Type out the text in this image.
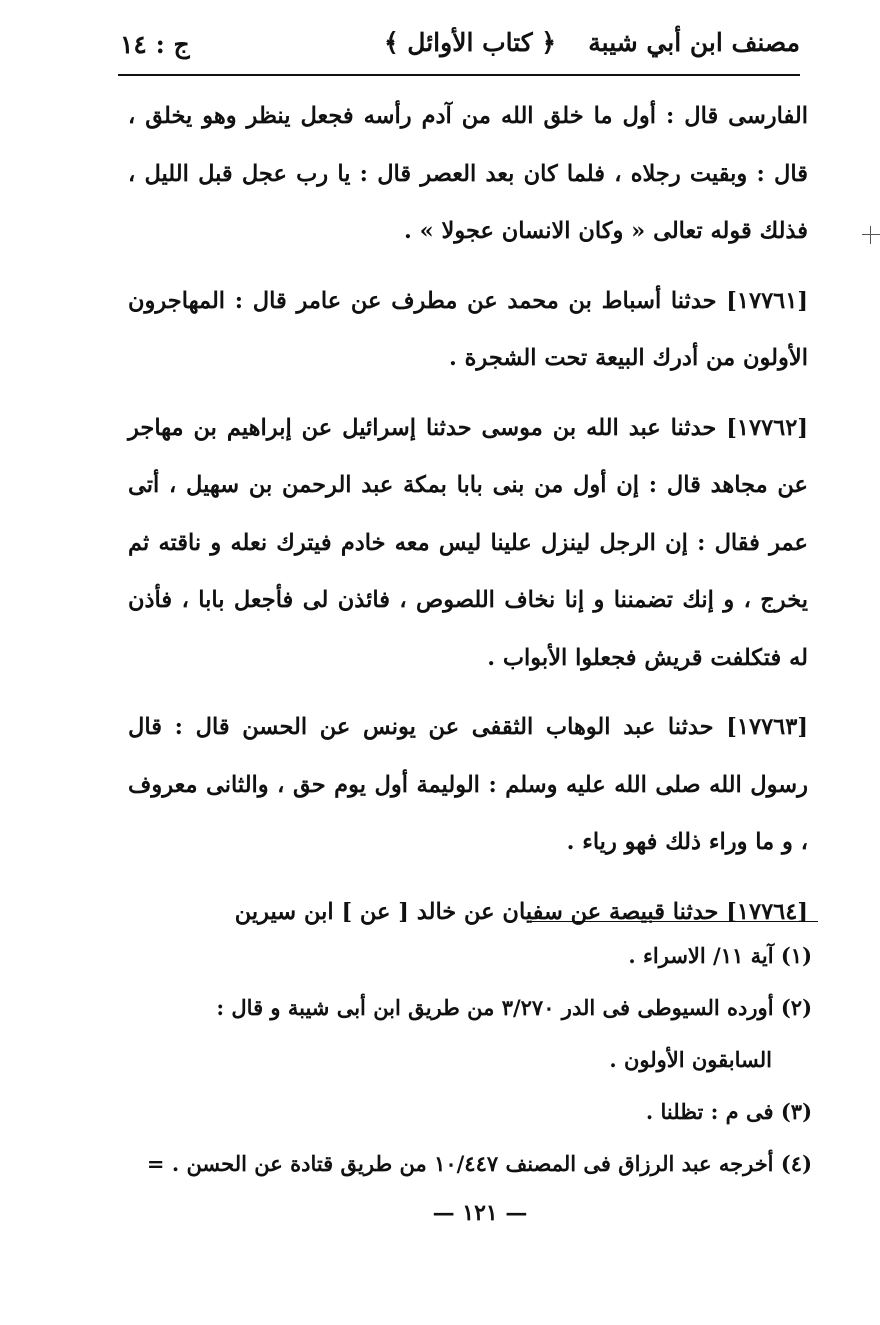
مصنف ابن أبي شيبة
﴿ كتاب الأوائل ﴾
ج : ١٤

الفارسى قال : أول ما خلق الله من آدم رأسه فجعل ينظر وهو يخلق ، قال : وبقيت رجلاه ، فلما كان بعد العصر قال : يا رب عجل قبل الليل ، فذلك قوله تعالى « وكان الانسان عجولا » .

[١٧٧٦١] حدثنا أسباط بن محمد عن مطرف عن عامر قال : المهاجرون الأولون من أدرك البيعة تحت الشجرة .

[١٧٧٦٢] حدثنا عبد الله بن موسى حدثنا إسرائيل عن إبراهيم بن مهاجر عن مجاهد قال : إن أول من بنى بابا بمكة عبد الرحمن بن سهيل ، أتى عمر فقال : إن الرجل لينزل علينا ليس معه خادم فيترك نعله و ناقته ثم يخرج ، و إنك تضمننا و إنا نخاف اللصوص ، فائذن لى فأجعل بابا ، فأذن له فتكلفت قريش فجعلوا الأبواب .

[١٧٧٦٣] حدثنا عبد الوهاب الثقفى عن يونس عن الحسن قال : قال رسول الله صلى الله عليه وسلم : الوليمة أول يوم حق ، والثانى معروف ، و ما وراء ذلك فهو رياء .

[١٧٧٦٤] حدثنا قبيصة عن سفيان عن خالد [ عن ] ابن سيرين

(١) آية ١١/ الاسراء .

(٢) أورده السيوطى فى الدر ٣/٢٧٠ من طريق ابن أبى شيبة و قال :
السابقون الأولون .

(٣) فى م : تظلنا .

(٤) أخرجه عبد الرزاق فى المصنف ١٠/٤٤٧ من طريق قتادة عن الحسن . =

— ١٢١ —
